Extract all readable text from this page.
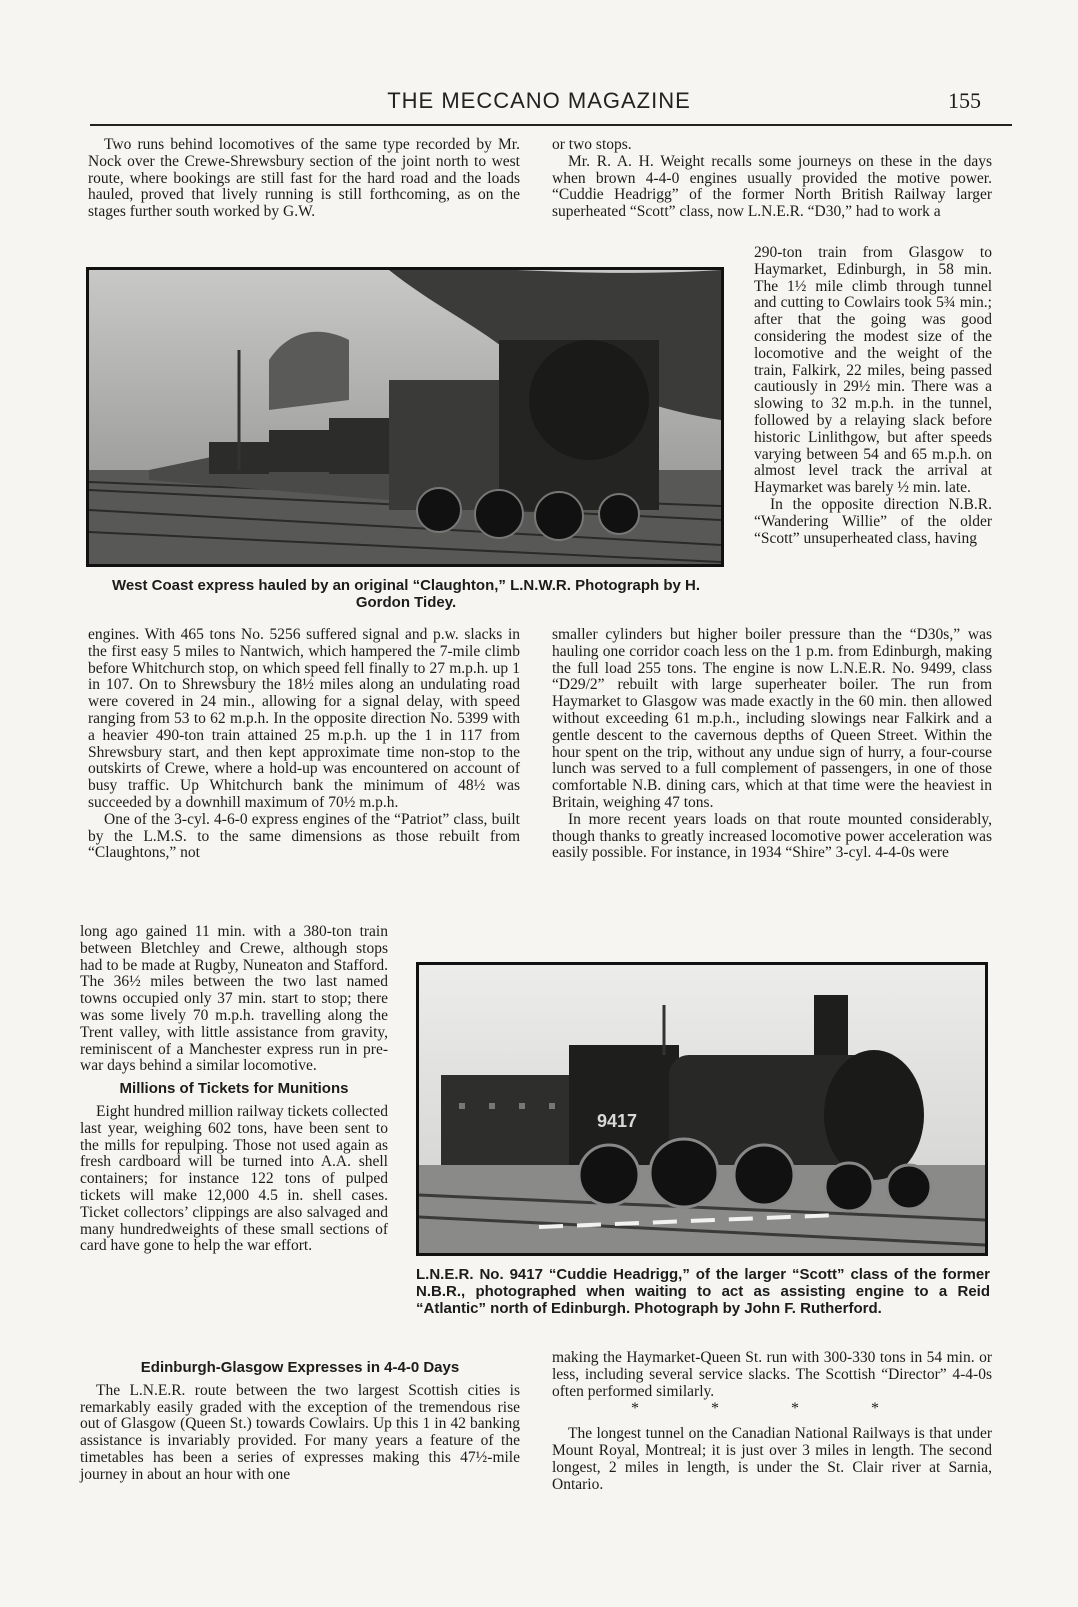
THE MECCANO MAGAZINE	155

Two runs behind locomotives of the same type recorded by Mr. Nock over the Crewe-Shrewsbury section of the joint north to west route, where bookings are still fast for the hard road and the loads hauled, proved that lively running is still forthcoming, as on the stages further south worked by G.W.

or two stops.

Mr. R. A. H. Weight recalls some journeys on these in the days when brown 4-4-0 engines usually provided the motive power. “Cuddie Headrigg” of the former North British Railway larger superheated “Scott” class, now L.N.E.R. “D30,” had to work a

290-ton train from Glasgow to Haymarket, Edinburgh, in 58 min. The 1½ mile climb through tunnel and cutting to Cowlairs took 5¾ min.; after that the going was good considering the modest size of the locomotive and the weight of the train, Falkirk, 22 miles, being passed cautiously in 29½ min. There was a slowing to 32 m.p.h. in the tunnel, followed by a relaying slack before historic Linlithgow, but after speeds varying between 54 and 65 m.p.h. on almost level track the arrival at Haymarket was barely ½ min. late.

In the opposite direction N.B.R. “Wandering Willie” of the older “Scott” unsuperheated class, having

West Coast express hauled by an original “Claughton,” L.N.W.R. Photograph by H. Gordon Tidey.

engines. With 465 tons No. 5256 suffered signal and p.w. slacks in the first easy 5 miles to Nantwich, which hampered the 7-mile climb before Whitchurch stop, on which speed fell finally to 27 m.p.h. up 1 in 107. On to Shrewsbury the 18½ miles along an undulating road were covered in 24 min., allowing for a signal delay, with speed ranging from 53 to 62 m.p.h. In the opposite direction No. 5399 with a heavier 490-ton train attained 25 m.p.h. up the 1 in 117 from Shrewsbury start, and then kept approximate time non-stop to the outskirts of Crewe, where a hold-up was encountered on account of busy traffic. Up Whitchurch bank the minimum of 48½ was succeeded by a downhill maximum of 70½ m.p.h.

One of the 3-cyl. 4-6-0 express engines of the “Patriot” class, built by the L.M.S. to the same dimensions as those rebuilt from “Claughtons,” not

smaller cylinders but higher boiler pressure than the “D30s,” was hauling one corridor coach less on the 1 p.m. from Edinburgh, making the full load 255 tons. The engine is now L.N.E.R. No. 9499, class “D29/2” rebuilt with large superheater boiler. The run from Haymarket to Glasgow was made exactly in the 60 min. then allowed without exceeding 61 m.p.h., including slowings near Falkirk and a gentle descent to the cavernous depths of Queen Street. Within the hour spent on the trip, without any undue sign of hurry, a four-course lunch was served to a full complement of passengers, in one of those comfortable N.B. dining cars, which at that time were the heaviest in Britain, weighing 47 tons.

In more recent years loads on that route mounted considerably, though thanks to greatly increased locomotive power acceleration was easily possible. For instance, in 1934 “Shire” 3-cyl. 4-4-0s were

long ago gained 11 min. with a 380-ton train between Bletchley and Crewe, although stops had to be made at Rugby, Nuneaton and Stafford. The 36½ miles between the two last named towns occupied only 37 min. start to stop; there was some lively 70 m.p.h. travelling along the Trent valley, with little assistance from gravity, reminiscent of a Manchester express run in pre-war days behind a similar locomotive.

Millions of Tickets for Munitions

Eight hundred million railway tickets collected last year, weighing 602 tons, have been sent to the mills for repulping. Those not used again as fresh cardboard will be turned into A.A. shell containers; for instance 122 tons of pulped tickets will make 12,000 4.5 in. shell cases. Ticket collectors’ clippings are also salvaged and many hundredweights of these small sections of card have gone to help the war effort.

Edinburgh-Glasgow Expresses in 4-4-0 Days

The L.N.E.R. route between the two largest Scottish cities is remarkably easily graded with the exception of the tremendous rise out of Glasgow (Queen St.) towards Cowlairs. Up this 1 in 42 banking assistance is invariably provided. For many years a feature of the timetables has been a series of expresses making this 47½-mile journey in about an hour with one

9417
L.N.E.R. No. 9417 “Cuddie Headrigg,” of the larger “Scott” class of the former N.B.R., photographed when waiting to act as assisting engine to a Reid “Atlantic” north of Edinburgh. Photograph by John F. Rutherford.

making the Haymarket-Queen St. run with 300-330 tons in 54 min. or less, including several service slacks. The Scottish “Director” 4-4-0s often performed similarly.

* * * *

The longest tunnel on the Canadian National Railways is that under Mount Royal, Montreal; it is just over 3 miles in length. The second longest, 2 miles in length, is under the St. Clair river at Sarnia, Ontario.
